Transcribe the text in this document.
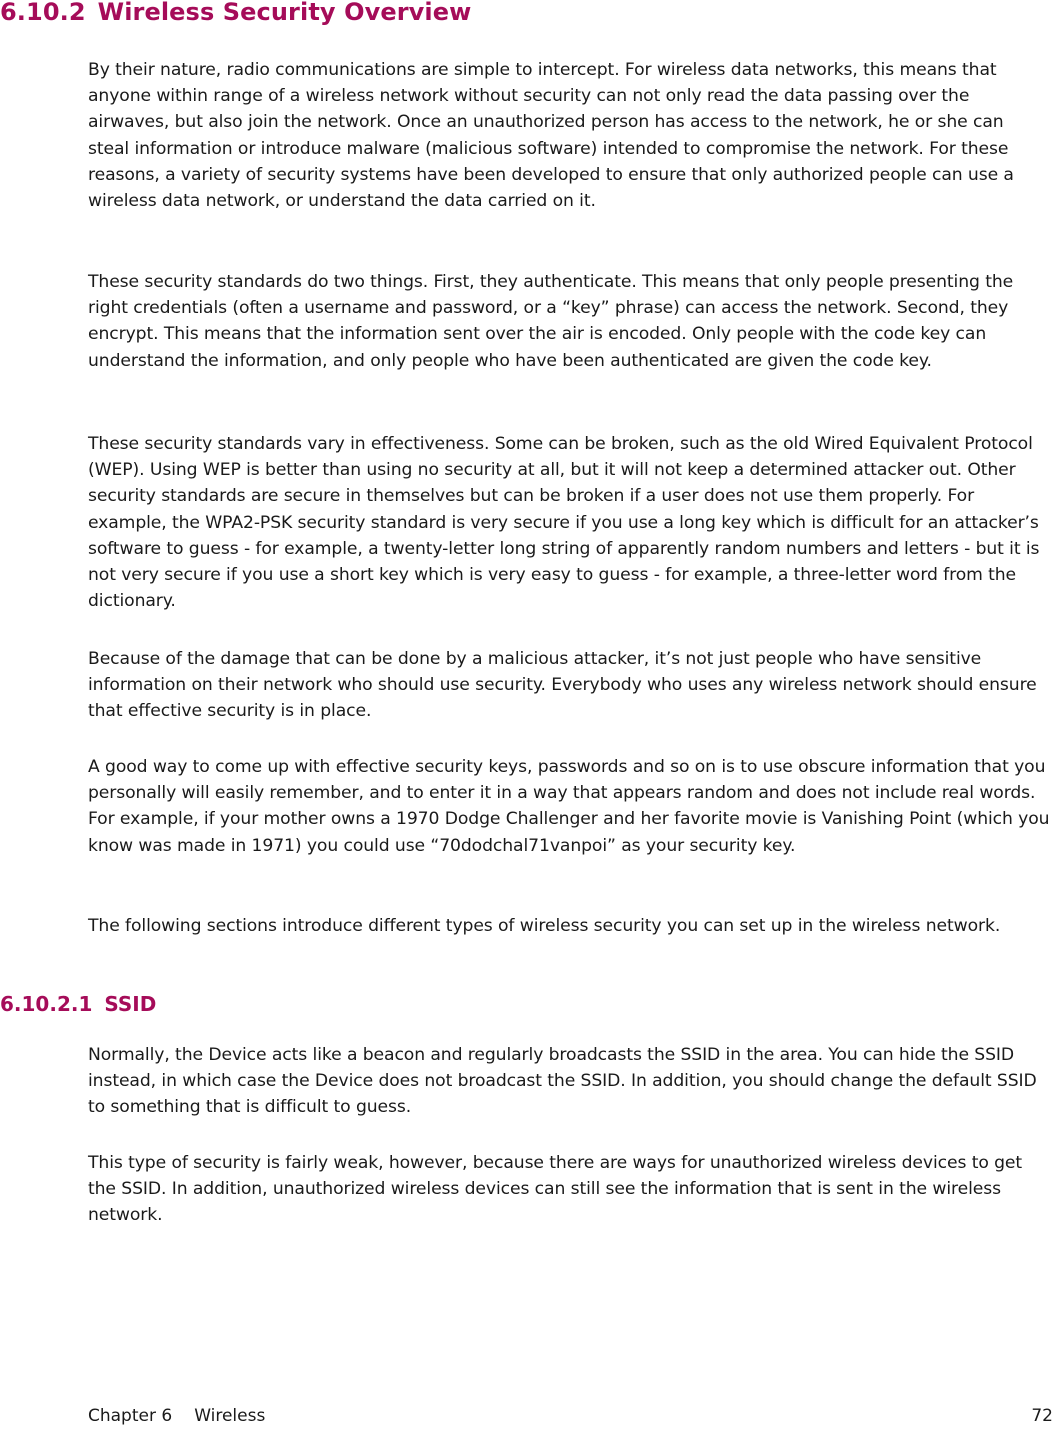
6.10.2 Wireless Security Overview

By their nature, radio communications are simple to intercept. For wireless data networks, this means that anyone within range of a wireless network without security can not only read the data passing over the airwaves, but also join the network. Once an unauthorized person has access to the network, he or she can steal information or introduce malware (malicious software) intended to compromise the network. For these reasons, a variety of security systems have been developed to ensure that only authorized people can use a wireless data network, or understand the data carried on it.

These security standards do two things. First, they authenticate. This means that only people presenting the right credentials (often a username and password, or a “key” phrase) can access the network. Second, they encrypt. This means that the information sent over the air is encoded. Only people with the code key can understand the information, and only people who have been authenticated are given the code key.

These security standards vary in effectiveness. Some can be broken, such as the old Wired Equivalent Protocol (WEP). Using WEP is better than using no security at all, but it will not keep a determined attacker out. Other security standards are secure in themselves but can be broken if a user does not use them properly. For example, the WPA2-PSK security standard is very secure if you use a long key which is difficult for an attacker’s software to guess - for example, a twenty-letter long string of apparently random numbers and letters - but it is not very secure if you use a short key which is very easy to guess - for example, a three-letter word from the dictionary.

Because of the damage that can be done by a malicious attacker, it’s not just people who have sensitive information on their network who should use security. Everybody who uses any wireless network should ensure that effective security is in place.

A good way to come up with effective security keys, passwords and so on is to use obscure information that you personally will easily remember, and to enter it in a way that appears random and does not include real words. For example, if your mother owns a 1970 Dodge Challenger and her favorite movie is Vanishing Point (which you know was made in 1971) you could use “70dodchal71vanpoi” as your security key.

The following sections introduce different types of wireless security you can set up in the wireless network.

6.10.2.1 SSID

Normally, the Device acts like a beacon and regularly broadcasts the SSID in the area. You can hide the SSID instead, in which case the Device does not broadcast the SSID. In addition, you should change the default SSID to something that is difficult to guess.

This type of security is fairly weak, however, because there are ways for unauthorized wireless devices to get the SSID. In addition, unauthorized wireless devices can still see the information that is sent in the wireless network.

Chapter 6 Wireless	72
